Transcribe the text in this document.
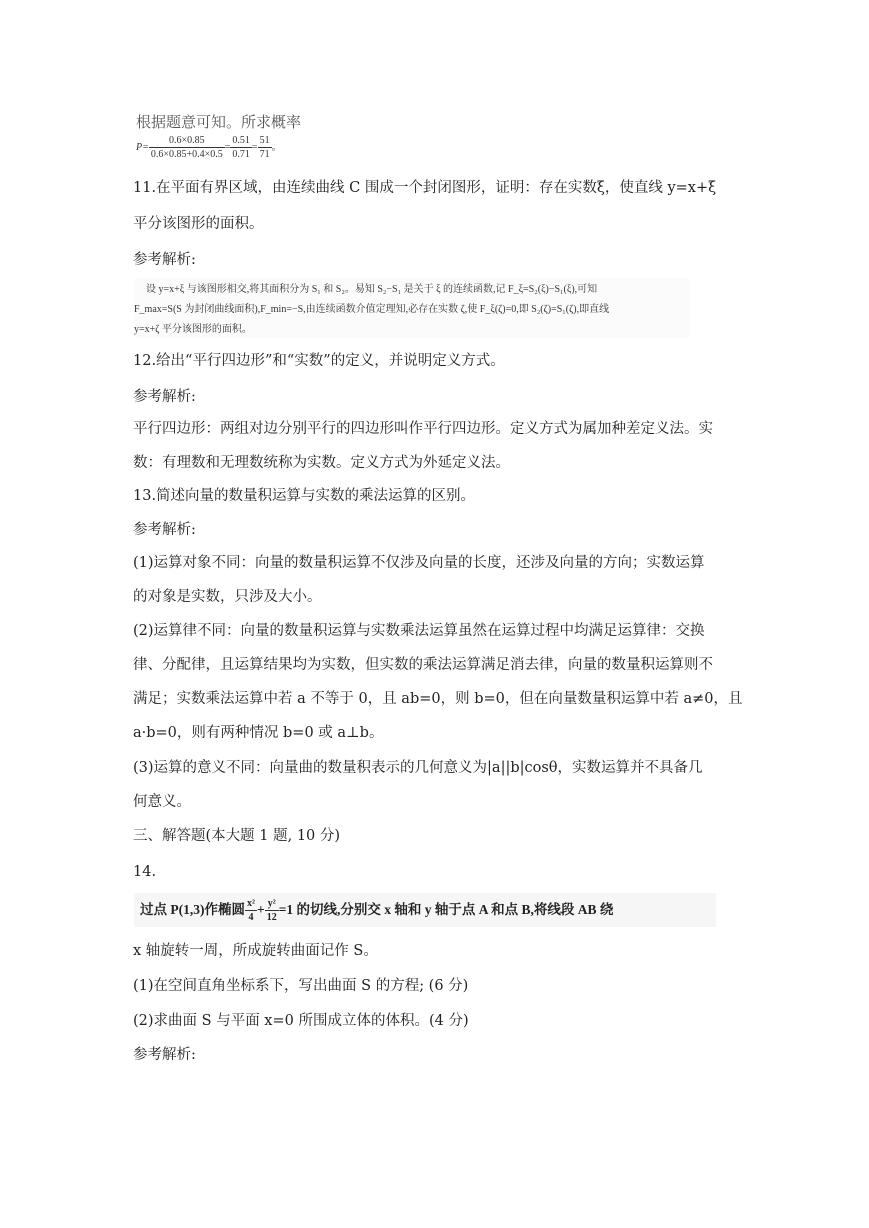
根据题意可知。所求概率
$P= \frac{0.6\times 0.85}{0.6\times 0.85+0.4\times 0.5} = \frac{0.51}{0.71} = \frac{51}{71}$ 。
11.在平面有界区域，由连续曲线 C 围成一个封闭图形，证明：存在实数ξ，使直线 y=x+ξ
平分该图形的面积。
参考解析:
设 y=x+ξ 与该图形相交,将其面积分为 S₁ 和 S₂。易知 S₂−S₁ 是关于 ξ 的连续函数,记 F_ξ=S₂(ξ)−S₁(ξ),可知
F_max=S(S 为封闭曲线面积),F_min=−S,由连续函数介值定理知,必存在实数 ζ,使 F_ξ(ζ)=0,即 S₂(ζ)=S₁(ζ),即直线
y=x+ζ 平分该图形的面积。
12.给出“平行四边形”和“实数”的定义，并说明定义方式。
参考解析:
平行四边形：两组对边分别平行的四边形叫作平行四边形。定义方式为属加种差定义法。实
数：有理数和无理数统称为实数。定义方式为外延定义法。
13.简述向量的数量积运算与实数的乘法运算的区别。
参考解析:
(1)运算对象不同：向量的数量积运算不仅涉及向量的长度，还涉及向量的方向；实数运算
的对象是实数，只涉及大小。
(2)运算律不同：向量的数量积运算与实数乘法运算虽然在运算过程中均满足运算律：交换
律、分配律，且运算结果均为实数，但实数的乘法运算满足消去律，向量的数量积运算则不
满足；实数乘法运算中若 a 不等于 0，且 ab=0，则 b=0，但在向量数量积运算中若 a≠0，且
a·b=0，则有两种情况 b=0 或 a⊥b。
(3)运算的意义不同：向量曲的数量积表示的几何意义为|a||b|cosθ，实数运算并不具备几
何意义。
三、解答题(本大题 1 题, 10 分)
14.
过点 P(1,3)作椭圆 $\frac{\text{x²}}{4} + \frac{\text{y²}}{12} =1$ 的切线,分别交 x 轴和 y 轴于点 A 和点 B,将线段 AB 绕
x 轴旋转一周，所成旋转曲面记作 S。
(1)在空间直角坐标系下，写出曲面 S 的方程; (6 分)
(2)求曲面 S 与平面 x=0 所围成立体的体积。(4 分)
参考解析:
